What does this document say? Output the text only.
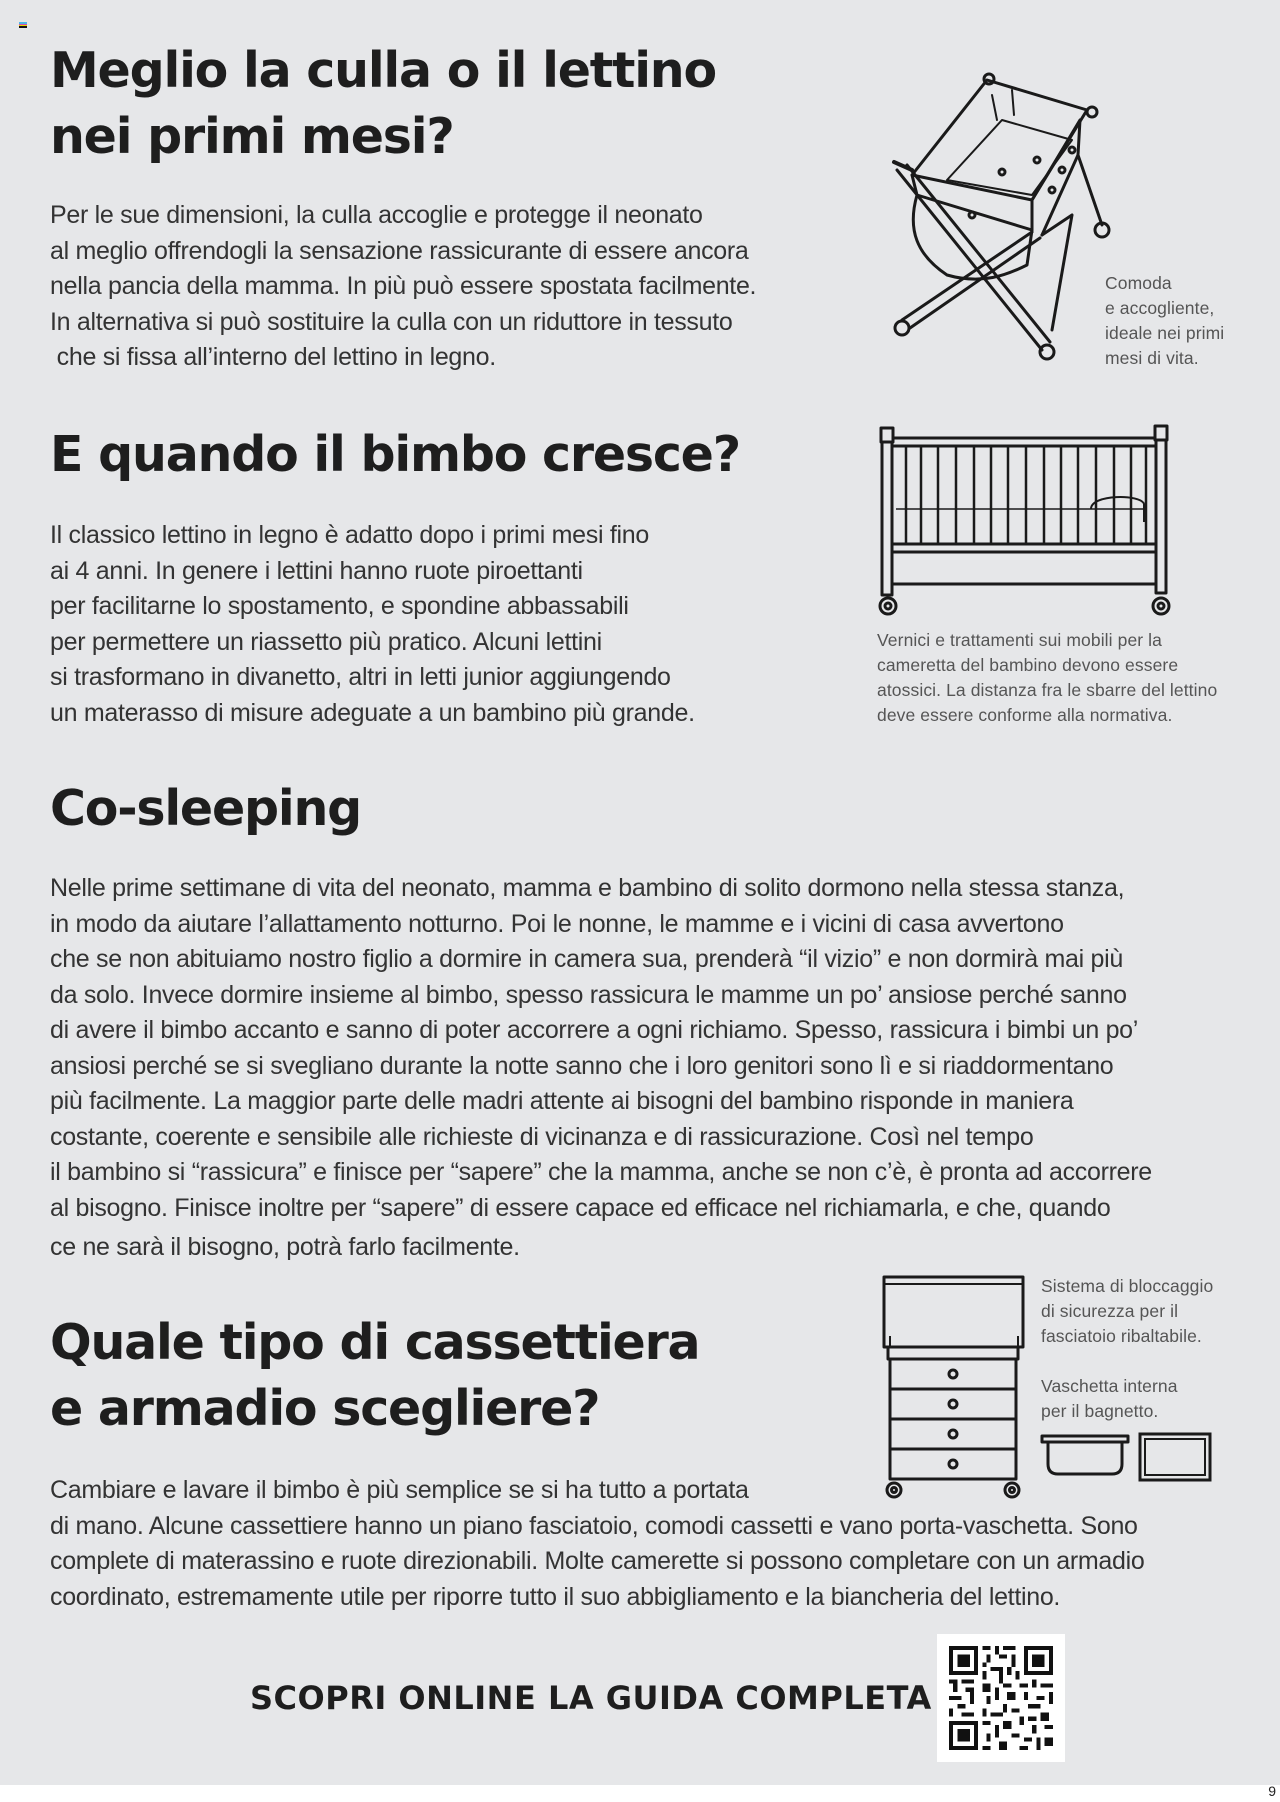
Meglio la culla o il lettino
nei primi mesi?

Per le sue dimensioni, la culla accoglie e protegge il neonato
al meglio offrendogli la sensazione rassicurante di essere ancora
nella pancia della mamma. In più può essere spostata facilmente.
In alternativa si può sostituire la culla con un riduttore in tessuto
che si fissa all’interno del lettino in legno.

Comoda
e accogliente,
ideale nei primi
mesi di vita.
E quando il bimbo cresce?

Il classico lettino in legno è adatto dopo i primi mesi fino
ai 4 anni. In genere i lettini hanno ruote piroettanti
per facilitarne lo spostamento, e spondine abbassabili
per permettere un riassetto più pratico. Alcuni lettini
si trasformano in divanetto, altri in letti junior aggiungendo
un materasso di misure adeguate a un bambino più grande.

Vernici e trattamenti sui mobili per la
cameretta del bambino devono essere
atossici. La distanza fra le sbarre del lettino
deve essere conforme alla normativa.
Co-sleeping

Nelle prime settimane di vita del neonato, mamma e bambino di solito dormono nella stessa stanza,
in modo da aiutare l’allattamento notturno. Poi le nonne, le mamme e i vicini di casa avvertono
che se non abituiamo nostro figlio a dormire in camera sua, prenderà “il vizio” e non dormirà mai più
da solo. Invece dormire insieme al bimbo, spesso rassicura le mamme un po’ ansiose perché sanno
di avere il bimbo accanto e sanno di poter accorrere a ogni richiamo. Spesso, rassicura i bimbi un po’
ansiosi perché se si svegliano durante la notte sanno che i loro genitori sono lì e si riaddormentano
più facilmente. La maggior parte delle madri attente ai bisogni del bambino risponde in maniera
costante, coerente e sensibile alle richieste di vicinanza e di rassicurazione. Così nel tempo
il bambino si “rassicura” e finisce per “sapere” che la mamma, anche se non c’è, è pronta ad accorrere
al bisogno. Finisce inoltre per “sapere” di essere capace ed efficace nel richiamarla, e che, quando
ce ne sarà il bisogno, potrà farlo facilmente.

Quale tipo di cassettiera
e armadio scegliere?
Sistema di bloccaggio
di sicurezza per il
fasciatoio ribaltabile.
Vaschetta interna
per il bagnetto.

Cambiare e lavare il bimbo è più semplice se si ha tutto a portata
di mano. Alcune cassettiere hanno un piano fasciatoio, comodi cassetti e vano porta-vaschetta. Sono
complete di materassino e ruote direzionabili. Molte camerette si possono completare con un armadio
coordinato, estremamente utile per riporre tutto il suo abbigliamento e la biancheria del lettino.

SCOPRI ONLINE LA GUIDA COMPLETA
9
